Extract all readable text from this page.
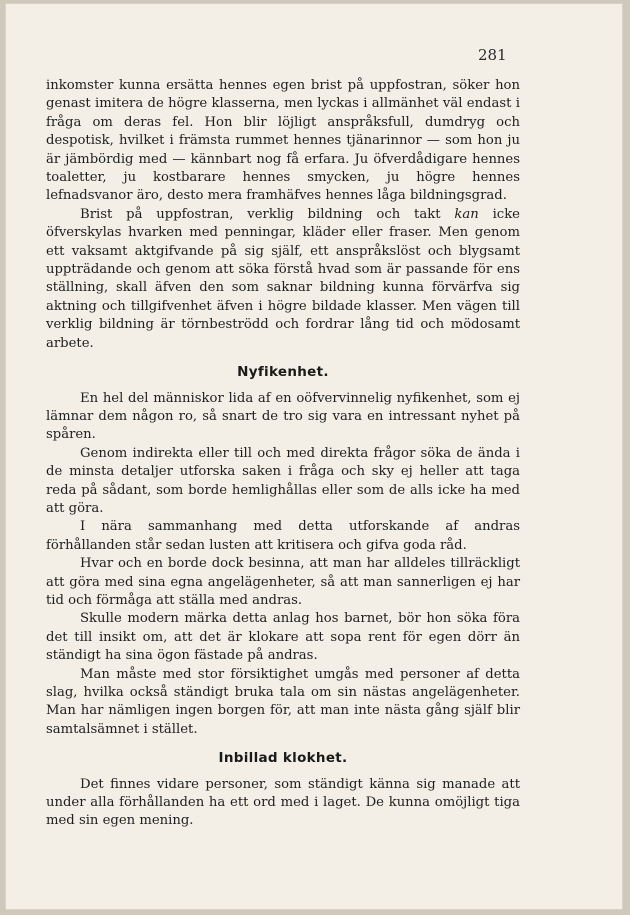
281

inkomster kunna ersätta hennes egen brist på uppfostran, söker hon genast imitera de högre klasserna, men lyckas i allmänhet väl endast i fråga om deras fel. Hon blir löjligt anspråksfull, dumdryg och despotisk, hvilket i främsta rummet hennes tjänarinnor — som hon ju är jämbördig med — kännbart nog få erfara. Ju öfverdådigare hennes toaletter, ju kostbarare hennes smycken, ju högre hennes lefnadsvanor äro, desto mera framhäfves hennes låga bildningsgrad.

Brist på uppfostran, verklig bildning och takt kan icke öfverskylas hvarken med penningar, kläder eller fraser. Men genom ett vaksamt aktgifvande på sig själf, ett anspråkslöst och blygsamt uppträdande och genom att söka förstå hvad som är passande för ens ställning, skall äfven den som saknar bildning kunna förvärfva sig aktning och tillgifvenhet äfven i högre bildade klasser. Men vägen till verklig bildning är törnbeströdd och fordrar lång tid och mödosamt arbete.

Nyfikenhet.

En hel del människor lida af en oöfvervinnelig nyfikenhet, som ej lämnar dem någon ro, så snart de tro sig vara en intressant nyhet på spåren.

Genom indirekta eller till och med direkta frågor söka de ända i de minsta detaljer utforska saken i fråga och sky ej heller att taga reda på sådant, som borde hemlighållas eller som de alls icke ha med att göra.

I nära sammanhang med detta utforskande af andras förhållanden står sedan lusten att kritisera och gifva goda råd.

Hvar och en borde dock besinna, att man har alldeles tillräckligt att göra med sina egna angelägenheter, så att man sannerligen ej har tid och förmåga att ställa med andras.

Skulle modern märka detta anlag hos barnet, bör hon söka föra det till insikt om, att det är klokare att sopa rent för egen dörr än ständigt ha sina ögon fästade på andras.

Man måste med stor försiktighet umgås med personer af detta slag, hvilka också ständigt bruka tala om sin nästas angelägenheter. Man har nämligen ingen borgen för, att man inte nästa gång själf blir samtalsämnet i stället.

Inbillad klokhet.

Det finnes vidare personer, som ständigt känna sig manade att under alla förhållanden ha ett ord med i laget. De kunna omöjligt tiga med sin egen mening.
